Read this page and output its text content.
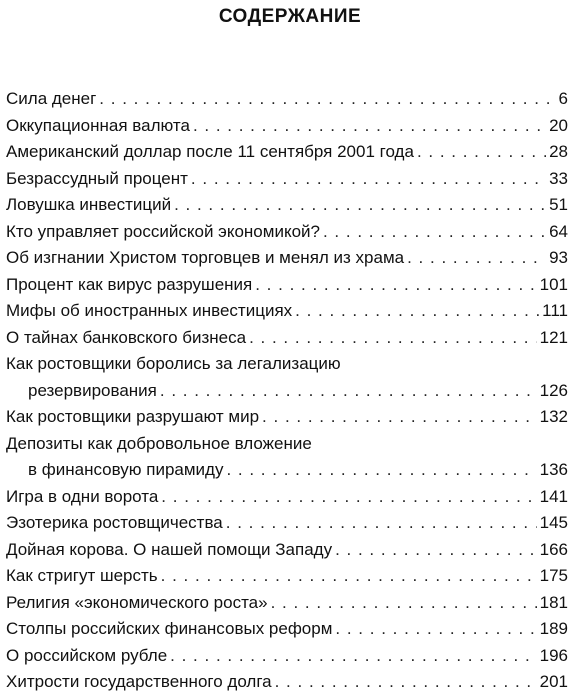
СОДЕРЖАНИЕ
Сила денег . . .	6
Оккупационная валюта . . .	20
Американский доллар после 11 сентября 2001 года . . .	28
Безрассудный процент . . .	33
Ловушка инвестиций . . .	51
Кто управляет российской экономикой? . . .	64
Об изгнании Христом торговцев и менял из храма . . .	93
Процент как вирус разрушения . . .	101
Мифы об иностранных инвестициях . . .	111
О тайнах банковского бизнеса . . .	121
Как ростовщики боролись за легализацию
резервирования . . .	126
Как ростовщики разрушают мир . . .	132
Депозиты как добровольное вложение
в финансовую пирамиду . . .	136
Игра в одни ворота . . .	141
Эзотерика ростовщичества . . .	145
Дойная корова. О нашей помощи Западу . . .	166
Как стригут шерсть . . .	175
Религия «экономического роста» . . .	181
Столпы российских финансовых реформ . . .	189
О российском рубле . . .	196
Хитрости государственного долга . . .	201
